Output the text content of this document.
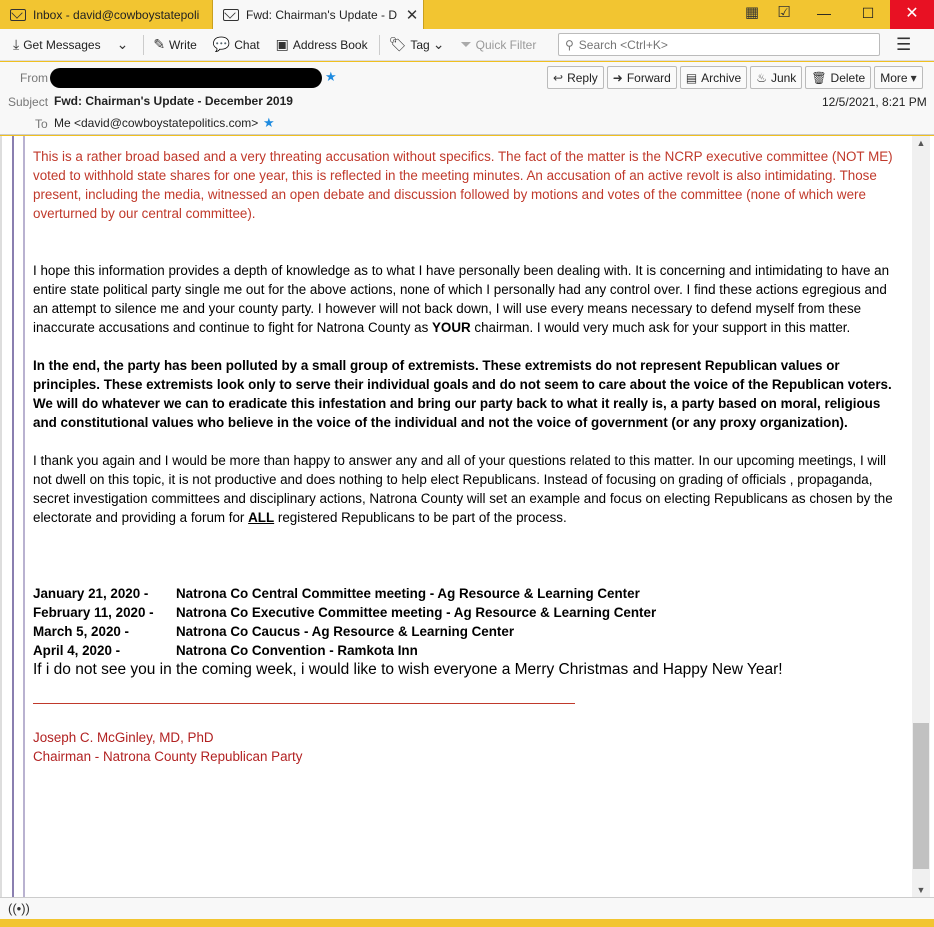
Inbox - david@cowboystatepoli	Fwd: Chairman's Update - D ✕	▦ ☑	—	☐	✕
⤓ Get Messages ⌄ ✎ Write 💬 Chat ▣ Address Book 🏷 Tag ⌄ ⏷ Quick Filter ⚲
Search <Ctrl+K>	☰
From	★	↩ Reply ➜ Forward ▤ Archive ♨ Junk 🗑 Delete More ▾
Subject Fwd: Chairman's Update - December 2019	12/5/2021, 8:21 PM
To Me <david@cowboystatepolitics.com> ★

This is a rather broad based and a very threating accusation without specifics. The fact of the matter is the NCRP executive committee (NOT ME) voted to withhold state shares for one year, this is reflected in the meeting minutes. An accusation of an active revolt is also intimidating. Those present, including the media, witnessed an open debate and discussion followed by motions and votes of the committee (none of which were overturned by our central committee).

I hope this information provides a depth of knowledge as to what I have personally been dealing with. It is concerning and intimidating to have an entire state political party single me out for the above actions, none of which I personally had any control over. I find these actions egregious and an attempt to silence me and your county party. I however will not back down, I will use every means necessary to defend myself from these inaccurate accusations and continue to fight for Natrona County as YOUR chairman. I would very much ask for your support in this matter.

In the end, the party has been polluted by a small group of extremists. These extremists do not represent Republican values or principles. These extremists look only to serve their individual goals and do not seem to care about the voice of the Republican voters. We will do whatever we can to eradicate this infestation and bring our party back to what it really is, a party based on moral, religious and constitutional values who believe in the voice of the individual and not the voice of government (or any proxy organization).

I thank you again and I would be more than happy to answer any and all of your questions related to this matter. In our upcoming meetings, I will not dwell on this topic, it is not productive and does nothing to help elect Republicans. Instead of focusing on grading of officials , propaganda, secret investigation committees and disciplinary actions, Natrona County will set an example and focus on electing Republicans as chosen by the electorate and providing a forum for ALL registered Republicans to be part of the process.

January 21, 2020 -	Natrona Co Central Committee meeting - Ag Resource & Learning Center
February 11, 2020 -	Natrona Co Executive Committee meeting - Ag Resource & Learning Center
March 5, 2020 -	Natrona Co Caucus - Ag Resource & Learning Center
April 4, 2020 -	Natrona Co Convention - Ramkota Inn

If i do not see you in the coming week, i would like to wish everyone a Merry Christmas and Happy New Year!

Joseph C. McGinley, MD, PhD

Chairman - Natrona County Republican Party

▲
▼
((•))
